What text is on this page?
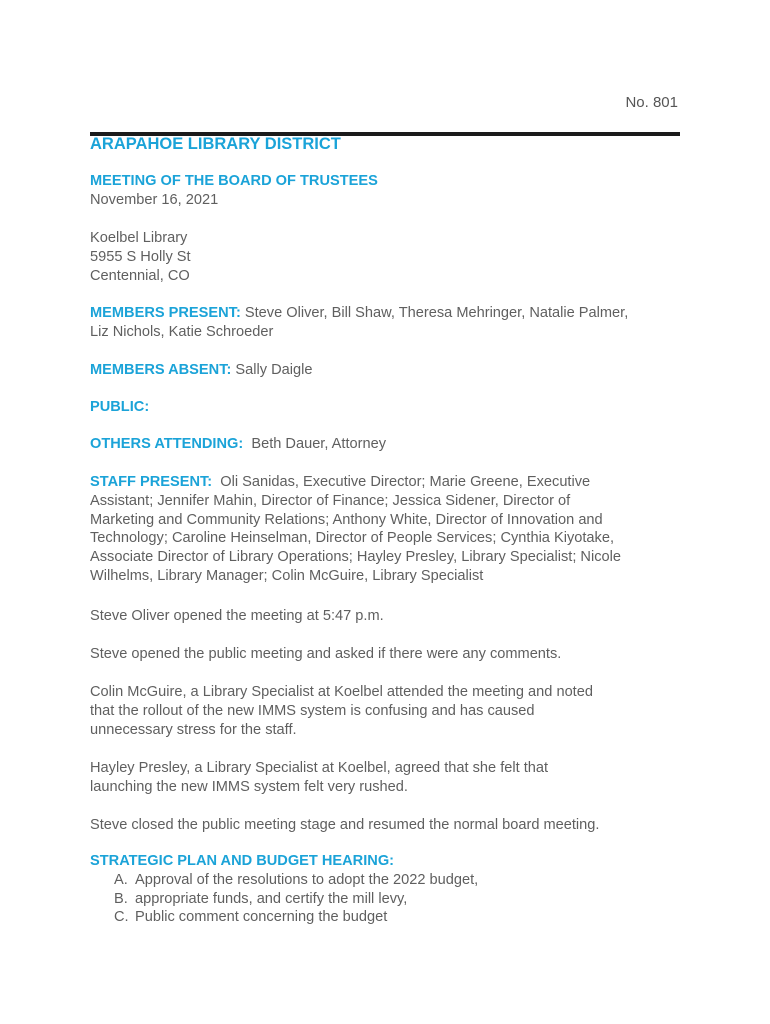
No. 801
ARAPAHOE LIBRARY DISTRICT
MEETING OF THE BOARD OF TRUSTEES
November 16, 2021
Koelbel Library
5955 S Holly St
Centennial, CO
MEMBERS PRESENT: Steve Oliver, Bill Shaw, Theresa Mehringer, Natalie Palmer,
Liz Nichols, Katie Schroeder
MEMBERS ABSENT: Sally Daigle
PUBLIC:
OTHERS ATTENDING:  Beth Dauer, Attorney
STAFF PRESENT:  Oli Sanidas, Executive Director; Marie Greene, Executive
Assistant; Jennifer Mahin, Director of Finance; Jessica Sidener, Director of
Marketing and Community Relations; Anthony White, Director of Innovation and
Technology; Caroline Heinselman, Director of People Services; Cynthia Kiyotake,
Associate Director of Library Operations; Hayley Presley, Library Specialist; Nicole
Wilhelms, Library Manager; Colin McGuire, Library Specialist
Steve Oliver opened the meeting at 5:47 p.m.
Steve opened the public meeting and asked if there were any comments.
Colin McGuire, a Library Specialist at Koelbel attended the meeting and noted
that the rollout of the new IMMS system is confusing and has caused
unnecessary stress for the staff.
Hayley Presley, a Library Specialist at Koelbel, agreed that she felt that
launching the new IMMS system felt very rushed.
Steve closed the public meeting stage and resumed the normal board meeting.
STRATEGIC PLAN AND BUDGET HEARING:
A. Approval of the resolutions to adopt the 2022 budget,
B. appropriate funds, and certify the mill levy,
C. Public comment concerning the budget
